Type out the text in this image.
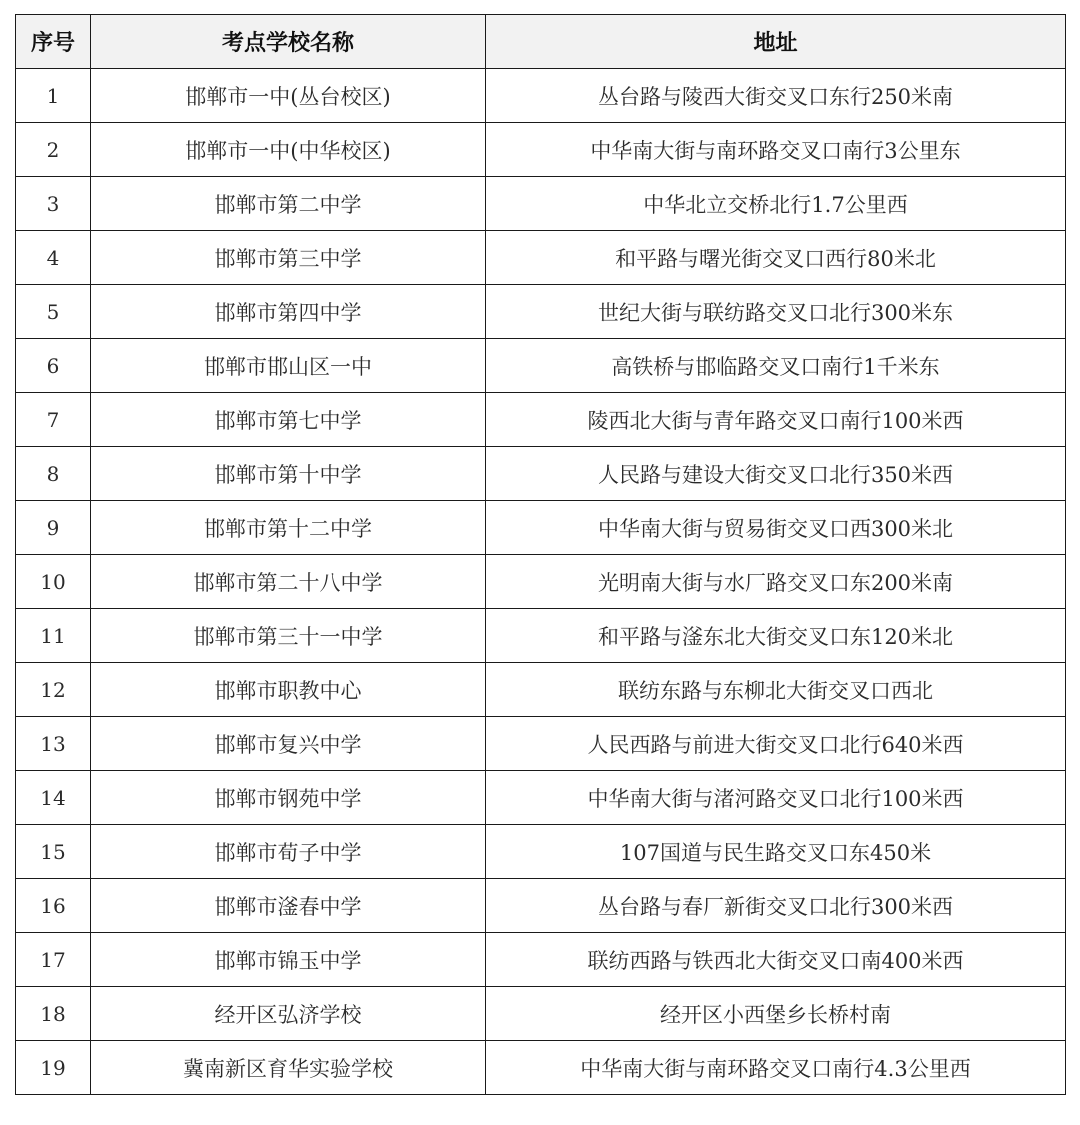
序号	考点学校名称	地址
1	邯郸市一中(丛台校区)	丛台路与陵西大街交叉口东行250米南
2	邯郸市一中(中华校区)	中华南大街与南环路交叉口南行3公里东
3	邯郸市第二中学	中华北立交桥北行1.7公里西
4	邯郸市第三中学	和平路与曙光街交叉口西行80米北
5	邯郸市第四中学	世纪大街与联纺路交叉口北行300米东
6	邯郸市邯山区一中	高铁桥与邯临路交叉口南行1千米东
7	邯郸市第七中学	陵西北大街与青年路交叉口南行100米西
8	邯郸市第十中学	人民路与建设大街交叉口北行350米西
9	邯郸市第十二中学	中华南大街与贸易街交叉口西300米北
10	邯郸市第二十八中学	光明南大街与水厂路交叉口东200米南
11	邯郸市第三十一中学	和平路与滏东北大街交叉口东120米北
12	邯郸市职教中心	联纺东路与东柳北大街交叉口西北
13	邯郸市复兴中学	人民西路与前进大街交叉口北行640米西
14	邯郸市钢苑中学	中华南大街与渚河路交叉口北行100米西
15	邯郸市荀子中学	107国道与民生路交叉口东450米
16	邯郸市滏春中学	丛台路与春厂新街交叉口北行300米西
17	邯郸市锦玉中学	联纺西路与铁西北大街交叉口南400米西
18	经开区弘济学校	经开区小西堡乡长桥村南
19	冀南新区育华实验学校	中华南大街与南环路交叉口南行4.3公里西
